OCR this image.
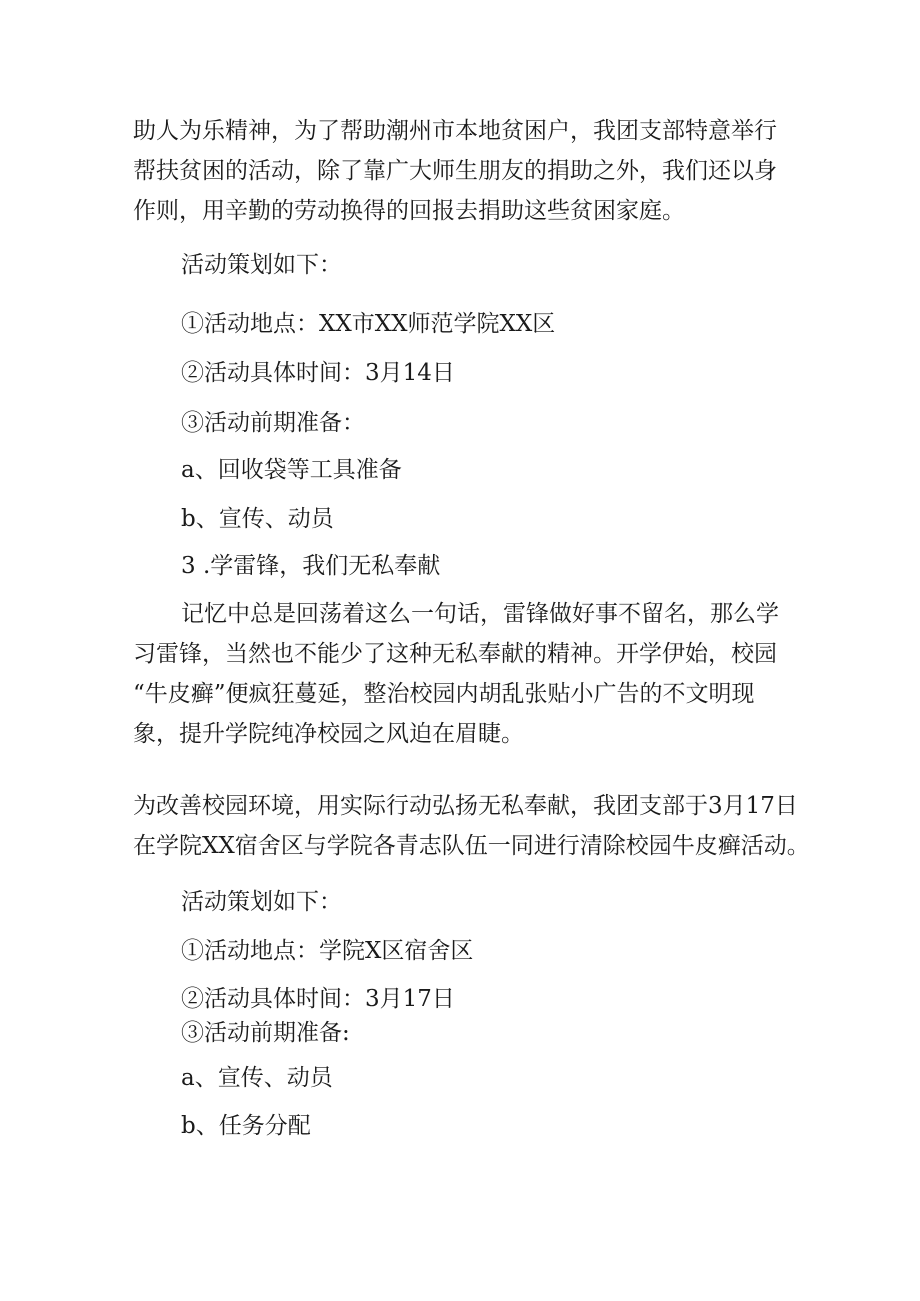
助人为乐精神，为了帮助潮州市本地贫困户，我团支部特意举行
帮扶贫困的活动，除了靠广大师生朋友的捐助之外，我们还以身
作则，用辛勤的劳动换得的回报去捐助这些贫困家庭。
活动策划如下：
①活动地点：XX市XX师范学院XX区
②活动具体时间：3月14日
③活动前期准备：
a、回收袋等工具准备
b、宣传、动员
3 .学雷锋，我们无私奉献
记忆中总是回荡着这么一句话，雷锋做好事不留名，那么学
习雷锋，当然也不能少了这种无私奉献的精神。开学伊始，校园
“牛皮癣”便疯狂蔓延，整治校园内胡乱张贴小广告的不文明现
象，提升学院纯净校园之风迫在眉睫。
为改善校园环境，用实际行动弘扬无私奉献，我团支部于3月17日
在学院XX宿舍区与学院各青志队伍一同进行清除校园牛皮癣活动。
活动策划如下：
①活动地点：学院X区宿舍区
②活动具体时间：3月17日
③活动前期准备:
a、宣传、动员
b、任务分配
